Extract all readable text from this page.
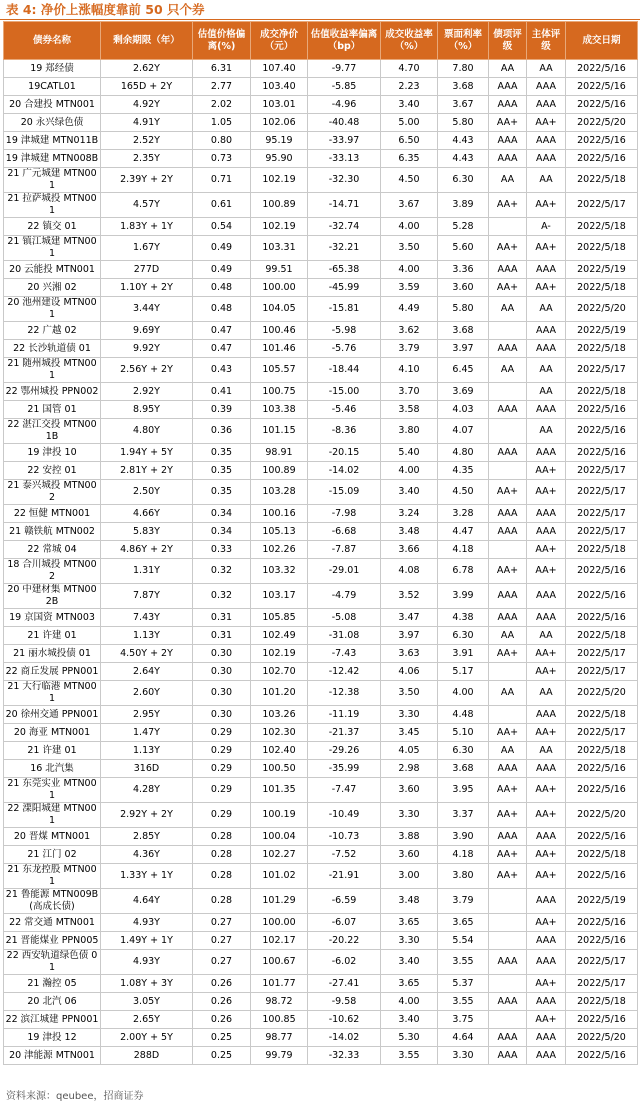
表 4: 净价上涨幅度靠前 50 只个券
债券名称	剩余期限（年）	估值价格偏离(%)	成交净价（元）	估值收益率偏离（bp）	成交收益率（%）	票面利率（%）	债项评级	主体评级	成交日期
19 郑经债	2.62Y	6.31	107.40	-9.77	4.70	7.80	AA	AA	2022/5/16
19CATL01	165D + 2Y	2.77	103.40	-5.85	2.23	3.68	AAA	AAA	2022/5/16
20 合建投 MTN001	4.92Y	2.02	103.01	-4.96	3.40	3.67	AAA	AAA	2022/5/16
20 永兴绿色债	4.91Y	1.05	102.06	-40.48	5.00	5.80	AA+	AA+	2022/5/20
19 津城建 MTN011B	2.52Y	0.80	95.19	-33.97	6.50	4.43	AAA	AAA	2022/5/16
19 津城建 MTN008B	2.35Y	0.73	95.90	-33.13	6.35	4.43	AAA	AAA	2022/5/16
21 广元城建 MTN001	2.39Y + 2Y	0.71	102.19	-32.30	4.50	6.30	AA	AA	2022/5/18
21 拉萨城投 MTN001	4.57Y	0.61	100.89	-14.71	3.67	3.89	AA+	AA+	2022/5/17
22 镇交 01	1.83Y + 1Y	0.54	102.19	-32.74	4.00	5.28		A-	2022/5/18
21 镇江城建 MTN001	1.67Y	0.49	103.31	-32.21	3.50	5.60	AA+	AA+	2022/5/18
20 云能投 MTN001	277D	0.49	99.51	-65.38	4.00	3.36	AAA	AAA	2022/5/19
20 兴湘 02	1.10Y + 2Y	0.48	100.00	-45.99	3.59	3.60	AA+	AA+	2022/5/18
20 池州建设 MTN001	3.44Y	0.48	104.05	-15.81	4.49	5.80	AA	AA	2022/5/20
22 广越 02	9.69Y	0.47	100.46	-5.98	3.62	3.68		AAA	2022/5/19
22 长沙轨道债 01	9.92Y	0.47	101.46	-5.76	3.79	3.97	AAA	AAA	2022/5/18
21 随州城投 MTN001	2.56Y + 2Y	0.43	105.57	-18.44	4.10	6.45	AA	AA	2022/5/17
22 鄂州城投 PPN002	2.92Y	0.41	100.75	-15.00	3.70	3.69		AA	2022/5/18
21 国管 01	8.95Y	0.39	103.38	-5.46	3.58	4.03	AAA	AAA	2022/5/16
22 湛江交投 MTN001B	4.80Y	0.36	101.15	-8.36	3.80	4.07		AA	2022/5/16
19 津投 10	1.94Y + 5Y	0.35	98.91	-20.15	5.40	4.80	AAA	AAA	2022/5/16
22 安控 01	2.81Y + 2Y	0.35	100.89	-14.02	4.00	4.35		AA+	2022/5/17
21 泰兴城投 MTN002	2.50Y	0.35	103.28	-15.09	3.40	4.50	AA+	AA+	2022/5/17
22 恒健 MTN001	4.66Y	0.34	100.16	-7.98	3.24	3.28	AAA	AAA	2022/5/17
21 赣铁航 MTN002	5.83Y	0.34	105.13	-6.68	3.48	4.47	AAA	AAA	2022/5/17
22 常城 04	4.86Y + 2Y	0.33	102.26	-7.87	3.66	4.18		AA+	2022/5/18
18 合川城投 MTN002	1.31Y	0.32	103.32	-29.01	4.08	6.78	AA+	AA+	2022/5/16
20 中建材集 MTN002B	7.87Y	0.32	103.17	-4.79	3.52	3.99	AAA	AAA	2022/5/16
19 京国资 MTN003	7.43Y	0.31	105.85	-5.08	3.47	4.38	AAA	AAA	2022/5/16
21 许建 01	1.13Y	0.31	102.49	-31.08	3.97	6.30	AA	AA	2022/5/18
21 丽水城投债 01	4.50Y + 2Y	0.30	102.19	-7.43	3.63	3.91	AA+	AA+	2022/5/17
22 商丘发展 PPN001	2.64Y	0.30	102.70	-12.42	4.06	5.17		AA+	2022/5/17
21 大行临港 MTN001	2.60Y	0.30	101.20	-12.38	3.50	4.00	AA	AA	2022/5/20
20 徐州交通 PPN001	2.95Y	0.30	103.26	-11.19	3.30	4.48		AAA	2022/5/18
20 海亚 MTN001	1.47Y	0.29	102.30	-21.37	3.45	5.10	AA+	AA+	2022/5/17
21 许建 01	1.13Y	0.29	102.40	-29.26	4.05	6.30	AA	AA	2022/5/18
16 北汽集	316D	0.29	100.50	-35.99	2.98	3.68	AAA	AAA	2022/5/16
21 东莞实业 MTN001	4.28Y	0.29	101.35	-7.47	3.60	3.95	AA+	AA+	2022/5/16
22 溧阳城建 MTN001	2.92Y + 2Y	0.29	100.19	-10.49	3.30	3.37	AA+	AA+	2022/5/20
20 晋煤 MTN001	2.85Y	0.28	100.04	-10.73	3.88	3.90	AAA	AAA	2022/5/16
21 江门 02	4.36Y	0.28	102.27	-7.52	3.60	4.18	AA+	AA+	2022/5/18
21 东龙控股 MTN001	1.33Y + 1Y	0.28	101.02	-21.91	3.00	3.80	AA+	AA+	2022/5/16
21 鲁能源 MTN009B(高成长债)	4.64Y	0.28	101.29	-6.59	3.48	3.79		AAA	2022/5/19
22 常交通 MTN001	4.93Y	0.27	100.00	-6.07	3.65	3.65		AA+	2022/5/16
21 晋能煤业 PPN005	1.49Y + 1Y	0.27	102.17	-20.22	3.30	5.54		AAA	2022/5/16
22 西安轨道绿色债 01	4.93Y	0.27	100.67	-6.02	3.40	3.55	AAA	AAA	2022/5/17
21 瀚控 05	1.08Y + 3Y	0.26	101.77	-27.41	3.65	5.37		AA+	2022/5/17
20 北汽 06	3.05Y	0.26	98.72	-9.58	4.00	3.55	AAA	AAA	2022/5/18
22 滨江城建 PPN001	2.65Y	0.26	100.85	-10.62	3.40	3.75		AA+	2022/5/16
19 津投 12	2.00Y + 5Y	0.25	98.77	-14.02	5.30	4.64	AAA	AAA	2022/5/20
20 津能源 MTN001	288D	0.25	99.79	-32.33	3.55	3.30	AAA	AAA	2022/5/16
资料来源：qeubee，招商证券
